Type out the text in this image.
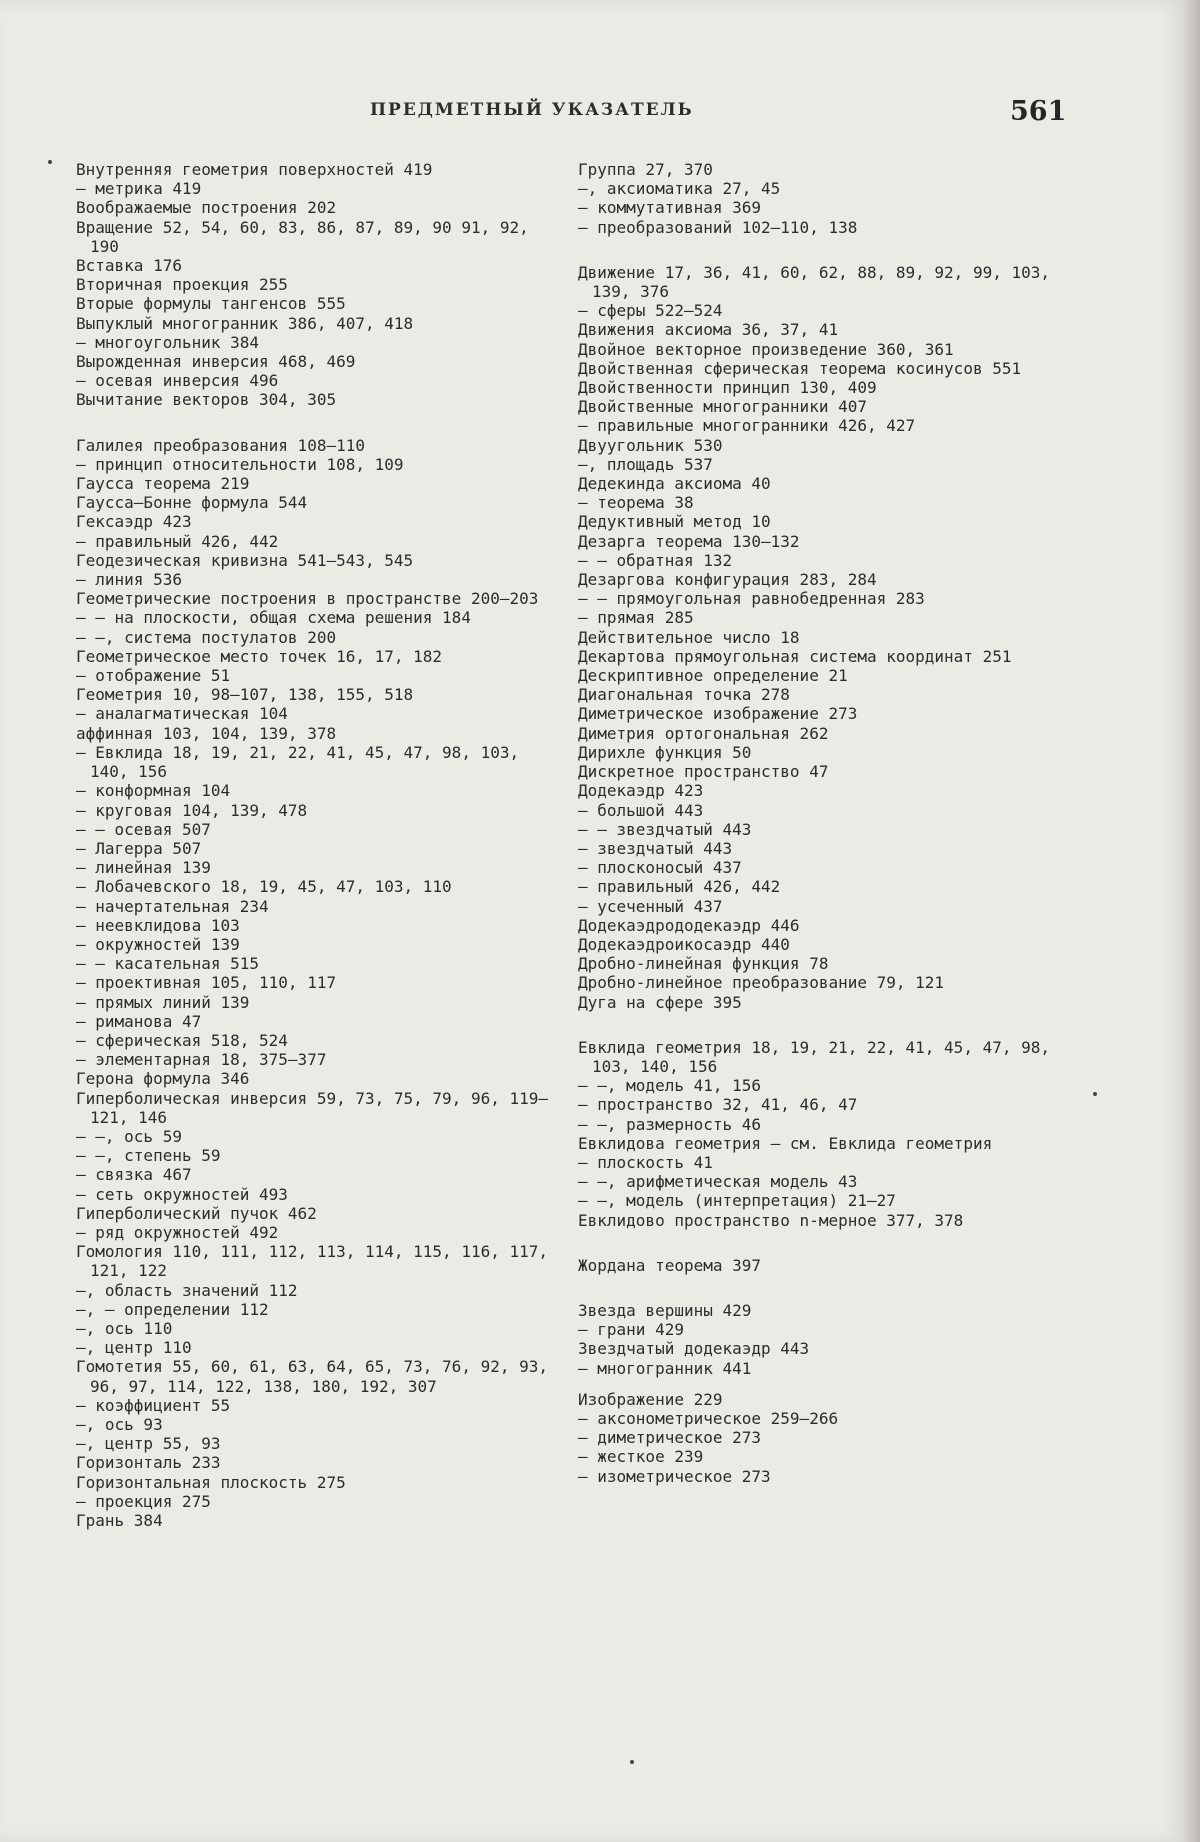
ПРЕДМЕТНЫЙ УКАЗАТЕЛЬ	561
Внутренняя геометрия поверхностей 419
— метрика 419
Воображаемые построения 202
Вращение 52, 54, 60, 83, 86, 87, 89, 90 91, 92, 190
Вставка 176
Вторичная проекция 255
Вторые формулы тангенсов 555
Выпуклый многогранник 386, 407, 418
— многоугольник 384
Вырожденная инверсия 468, 469
— осевая инверсия 496
Вычитание векторов 304, 305
Галилея преобразования 108—110
— принцип относительности 108, 109
Гаусса теорема 219
Гаусса—Бонне формула 544
Гексаэдр 423
— правильный 426, 442
Геодезическая кривизна 541—543, 545
— линия 536
Геометрические построения в пространстве 200—203
— — на плоскости, общая схема решения 184
— —, система постулатов 200
Геометрическое место точек 16, 17, 182
— отображение 51
Геометрия 10, 98—107, 138, 155, 518
— аналагматическая 104
аффинная 103, 104, 139, 378
— Евклида 18, 19, 21, 22, 41, 45, 47, 98, 103, 140, 156
— конформная 104
— круговая 104, 139, 478
— — осевая 507
— Лагерра 507
— линейная 139
— Лобачевского 18, 19, 45, 47, 103, 110
— начертательная 234
— неевклидова 103
— окружностей 139
— — касательная 515
— проективная 105, 110, 117
— прямых линий 139
— риманова 47
— сферическая 518, 524
— элементарная 18, 375—377
Герона формула 346
Гиперболическая инверсия 59, 73, 75, 79, 96, 119—121, 146
— —, ось 59
— —, степень 59
— связка 467
— сеть окружностей 493
Гиперболический пучок 462
— ряд окружностей 492
Гомология 110, 111, 112, 113, 114, 115, 116, 117, 121, 122
—, область значений 112
—, — определении 112
—, ось 110
—, центр 110
Гомотетия 55, 60, 61, 63, 64, 65, 73, 76, 92, 93, 96, 97, 114, 122, 138, 180, 192, 307
— коэффициент 55
—, ось 93
—, центр 55, 93
Горизонталь 233
Горизонтальная плоскость 275
— проекция 275
Грань 384
Группа 27, 370
—, аксиоматика 27, 45
— коммутативная 369
— преобразований 102—110, 138
Движение 17, 36, 41, 60, 62, 88, 89, 92, 99, 103, 139, 376
— сферы 522—524
Движения аксиома 36, 37, 41
Двойное векторное произведение 360, 361
Двойственная сферическая теорема косинусов 551
Двойственности принцип 130, 409
Двойственные многогранники 407
— правильные многогранники 426, 427
Двуугольник 530
—, площадь 537
Дедекинда аксиома 40
— теорема 38
Дедуктивный метод 10
Дезарга теорема 130—132
— — обратная 132
Дезаргова конфигурация 283, 284
— — прямоугольная равнобедренная 283
— прямая 285
Действительное число 18
Декартова прямоугольная система координат 251
Дескриптивное определение 21
Диагональная точка 278
Диметрическое изображение 273
Диметрия ортогональная 262
Дирихле функция 50
Дискретное пространство 47
Додекаэдр 423
— большой 443
— — звездчатый 443
— звездчатый 443
— плосконосый 437
— правильный 426, 442
— усеченный 437
Додекаэдрододекаэдр 446
Додекаэдроикосаэдр 440
Дробно-линейная функция 78
Дробно-линейное преобразование 79, 121
Дуга на сфере 395
Евклида геометрия 18, 19, 21, 22, 41, 45, 47, 98, 103, 140, 156
— —, модель 41, 156
— пространство 32, 41, 46, 47
— —, размерность 46
Евклидова геометрия — см. Евклида геометрия
— плоскость 41
— —, арифметическая модель 43
— —, модель (интерпретация) 21—27
Евклидово пространство n-мерное 377, 378
Жордана теорема 397
Звезда вершины 429
— грани 429
Звездчатый додекаэдр 443
— многогранник 441
Изображение 229
— аксонометрическое 259—266
— диметрическое 273
— жесткое 239
— изометрическое 273
